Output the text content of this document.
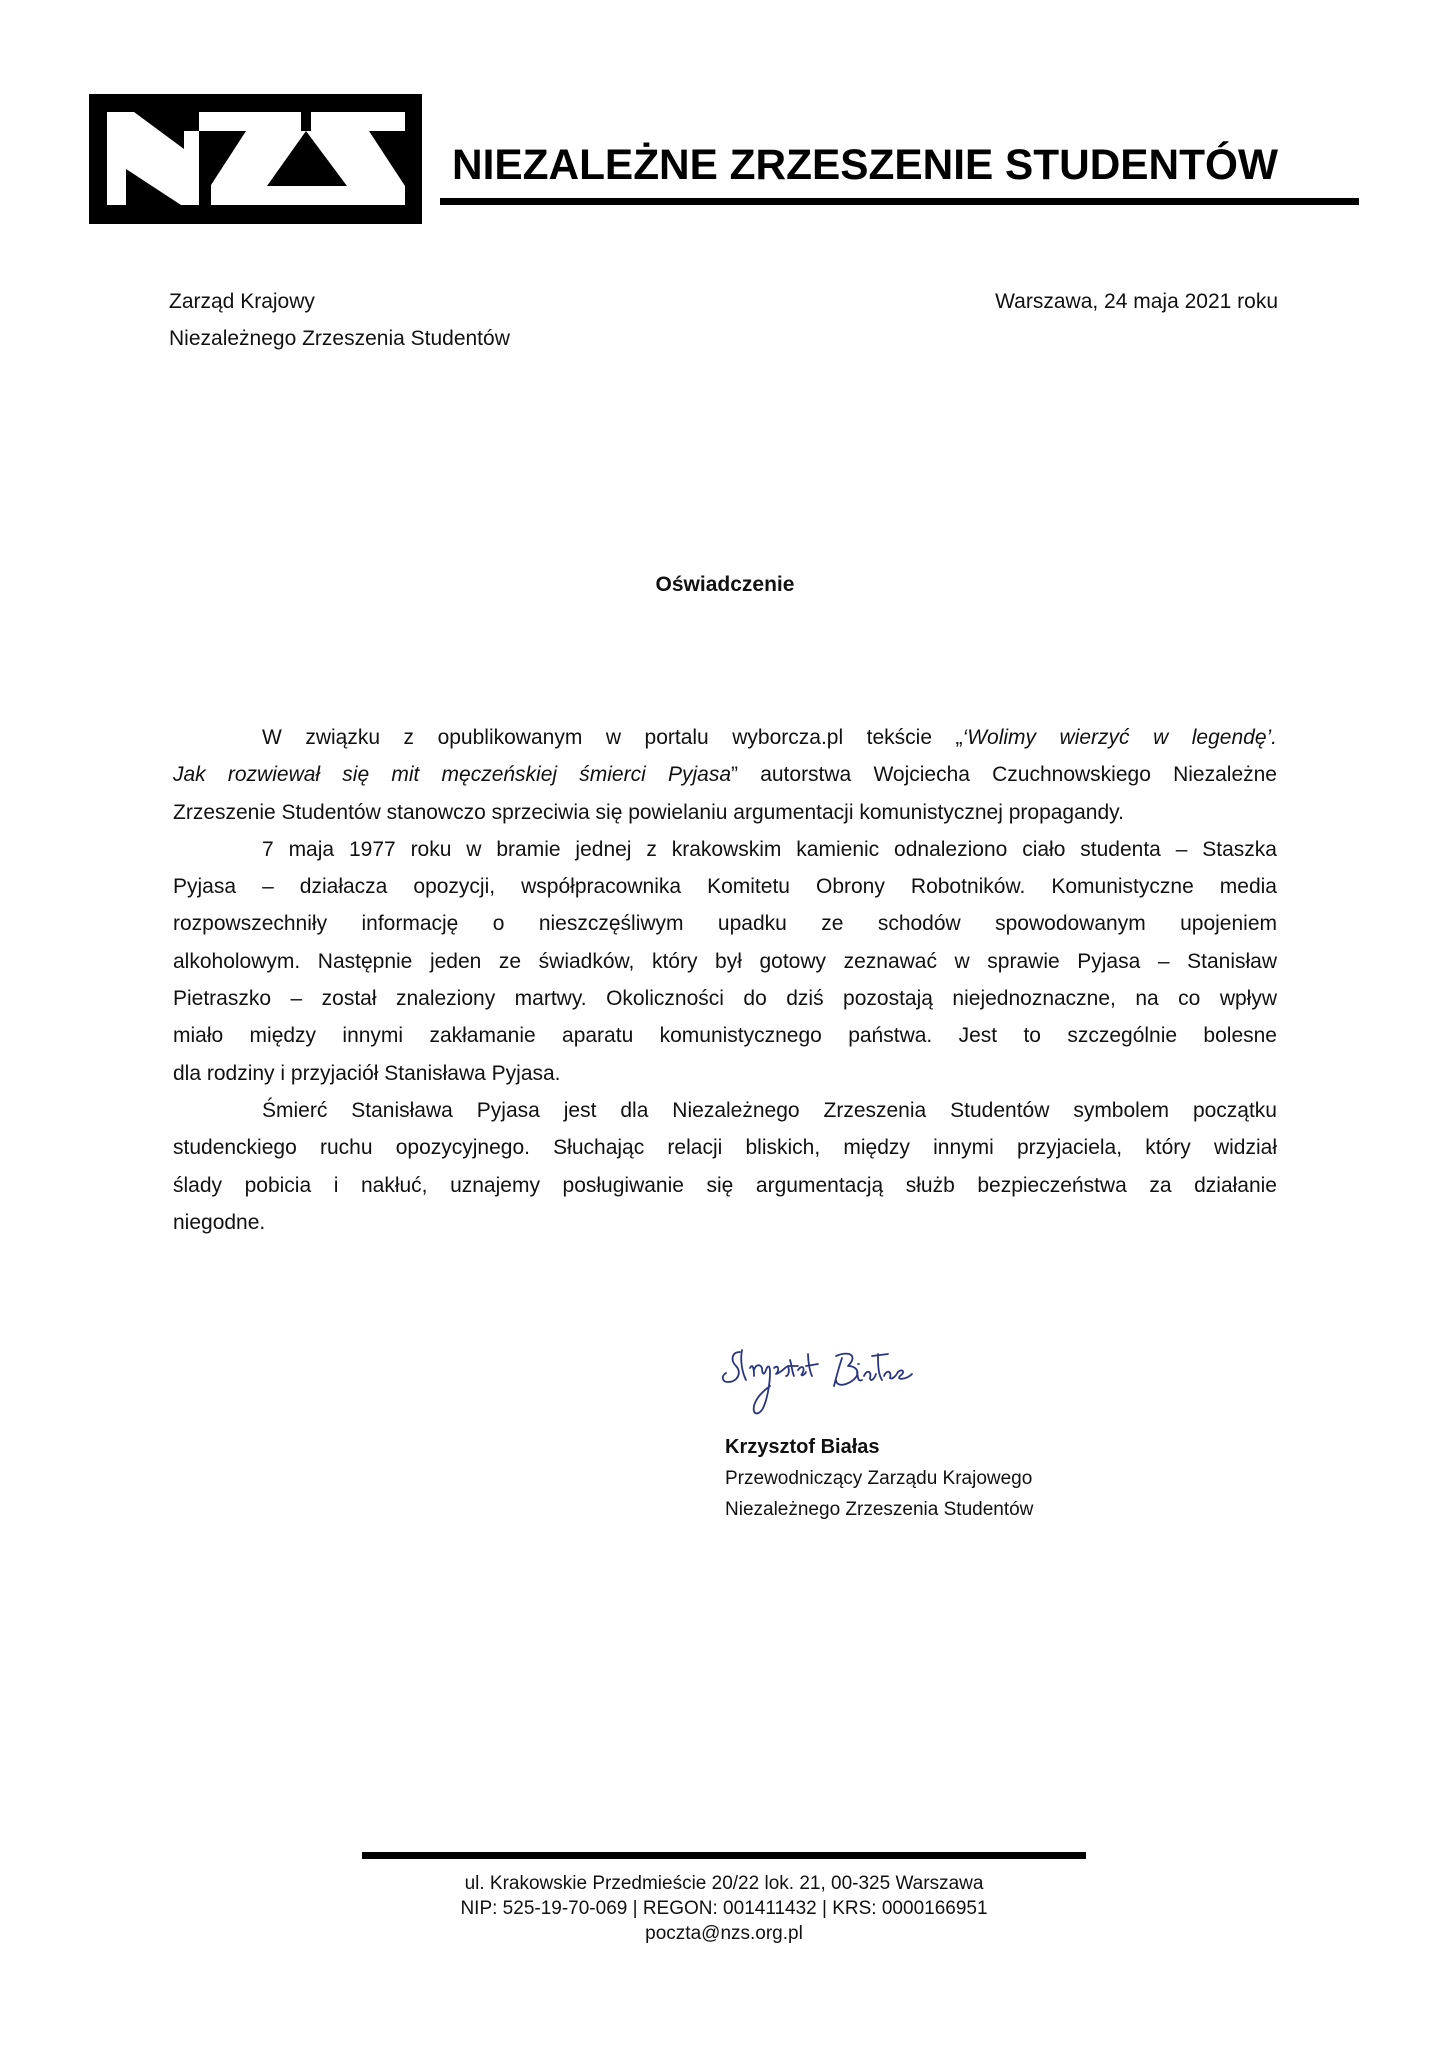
NIEZALEŻNE ZRZESZENIE STUDENTÓW
Zarząd Krajowy
Niezależnego Zrzeszenia Studentów
Warszawa, 24 maja 2021 roku
Oświadczenie
W związku z opublikowanym w portalu wyborcza.pl tekście „‘Wolimy wierzyć w legendę’.
Jak rozwiewał się mit męczeńskiej śmierci Pyjasa” autorstwa Wojciecha Czuchnowskiego Niezależne
Zrzeszenie Studentów stanowczo sprzeciwia się powielaniu argumentacji komunistycznej propagandy.
7 maja 1977 roku w bramie jednej z krakowskim kamienic odnaleziono ciało studenta – Staszka
Pyjasa – działacza opozycji, współpracownika Komitetu Obrony Robotników. Komunistyczne media
rozpowszechniły informację o nieszczęśliwym upadku ze schodów spowodowanym upojeniem
alkoholowym. Następnie jeden ze świadków, który był gotowy zeznawać w sprawie Pyjasa – Stanisław
Pietraszko – został znaleziony martwy. Okoliczności do dziś pozostają niejednoznaczne, na co wpływ
miało między innymi zakłamanie aparatu komunistycznego państwa. Jest to szczególnie bolesne
dla rodziny i przyjaciół Stanisława Pyjasa.
Śmierć Stanisława Pyjasa jest dla Niezależnego Zrzeszenia Studentów symbolem początku
studenckiego ruchu opozycyjnego. Słuchając relacji bliskich, między innymi przyjaciela, który widział
ślady pobicia i nakłuć, uznajemy posługiwanie się argumentacją służb bezpieczeństwa za działanie
niegodne.
Krzysztof Białas
Przewodniczący Zarządu Krajowego
Niezależnego Zrzeszenia Studentów
ul. Krakowskie Przedmieście 20/22 lok. 21, 00-325 Warszawa
NIP: 525-19-70-069 | REGON: 001411432 | KRS: 0000166951
poczta@nzs.org.pl
